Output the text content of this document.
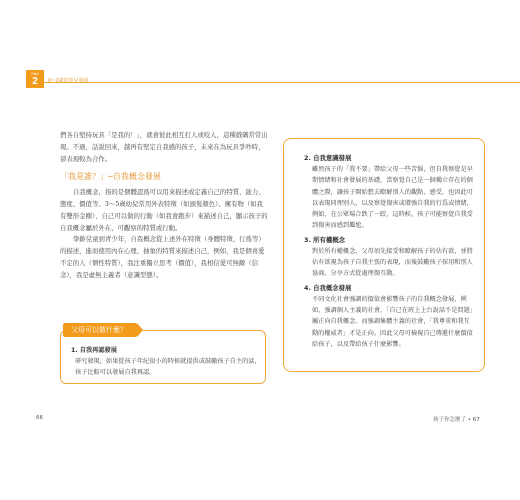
Part
2	0~2歲的幼兒發展

們各自堅持玩具「是我的！」，就會彼此相互打人或咬人，這種戲碼常常出現。不過，話說回來，越再有堅定自我感的孩子，未來在為玩具爭吵時，卻表現較為合作。

「我是誰？」─自我概念發展

自我概念，指的是個體認爲可以用來描述或定義自己的特質、能力、態度、價值等。3～5歲幼兒常用外表特徵（如頭髮顏色）、擁有物（如我有雙形金剛）、自己可以做的行動（如我會跑步）來描述自己，顯示孩子的自我概念屬於外在、可觀察的特質或行動。

學齡兒童到青少年，自我概念從上述外在特徵（身體特徵、行爲等）的描述，進而使用內在心理、抽象的特質來描述自己，例如，我是個喜愛不定的人（個性特質），我注重獨立思考（價值），我相信愛可無敵（信念），我是虛無主義者（意識型態）。

1. 自我再認發展
研究發現，如果從孩子年紀很小的時候就提供或鼓勵孩子自主的話，孩子比較可以發展自我再認。
父母可以做什麼？
2. 自我意識發展
雖然孩子的「我不要」帶給父母一些苦惱，但自我察覺是早期情緒和社會發展的基礎，當察覺自己是一個獨立存在的個體之際，讓孩子開始想去瞭解別人的觀點、感受，也因此可以表現同理別人，以及察覺傷害或增強自我的行爲或情緒，例如，在公眾場合跌了一跤，這時候，孩子可能察覺自我受到傷害而感到尷尬。
3. 所有權概念
對於所有權概念，父母須先接受和瞭解孩子的佔有欲，並將佔有欲視為孩子自我主張的表現，而後鼓勵孩子採用和別人協商、分享方式從處理傷互動。
4. 自我概念發展
不同文化社會強調的價值會影響孩子的自我概念發展，例如，強調個人主義的社會，「自己在班上上台說話不是問題」屬正向自我概念。而強調集體主義的社會，「我尊重和我互動的權威者」才是正向。因此父母可檢視自己傳遞什麼價值給孩子，以及帶給孩子什麼影響。
66	孩子你怎麼了 • 67
